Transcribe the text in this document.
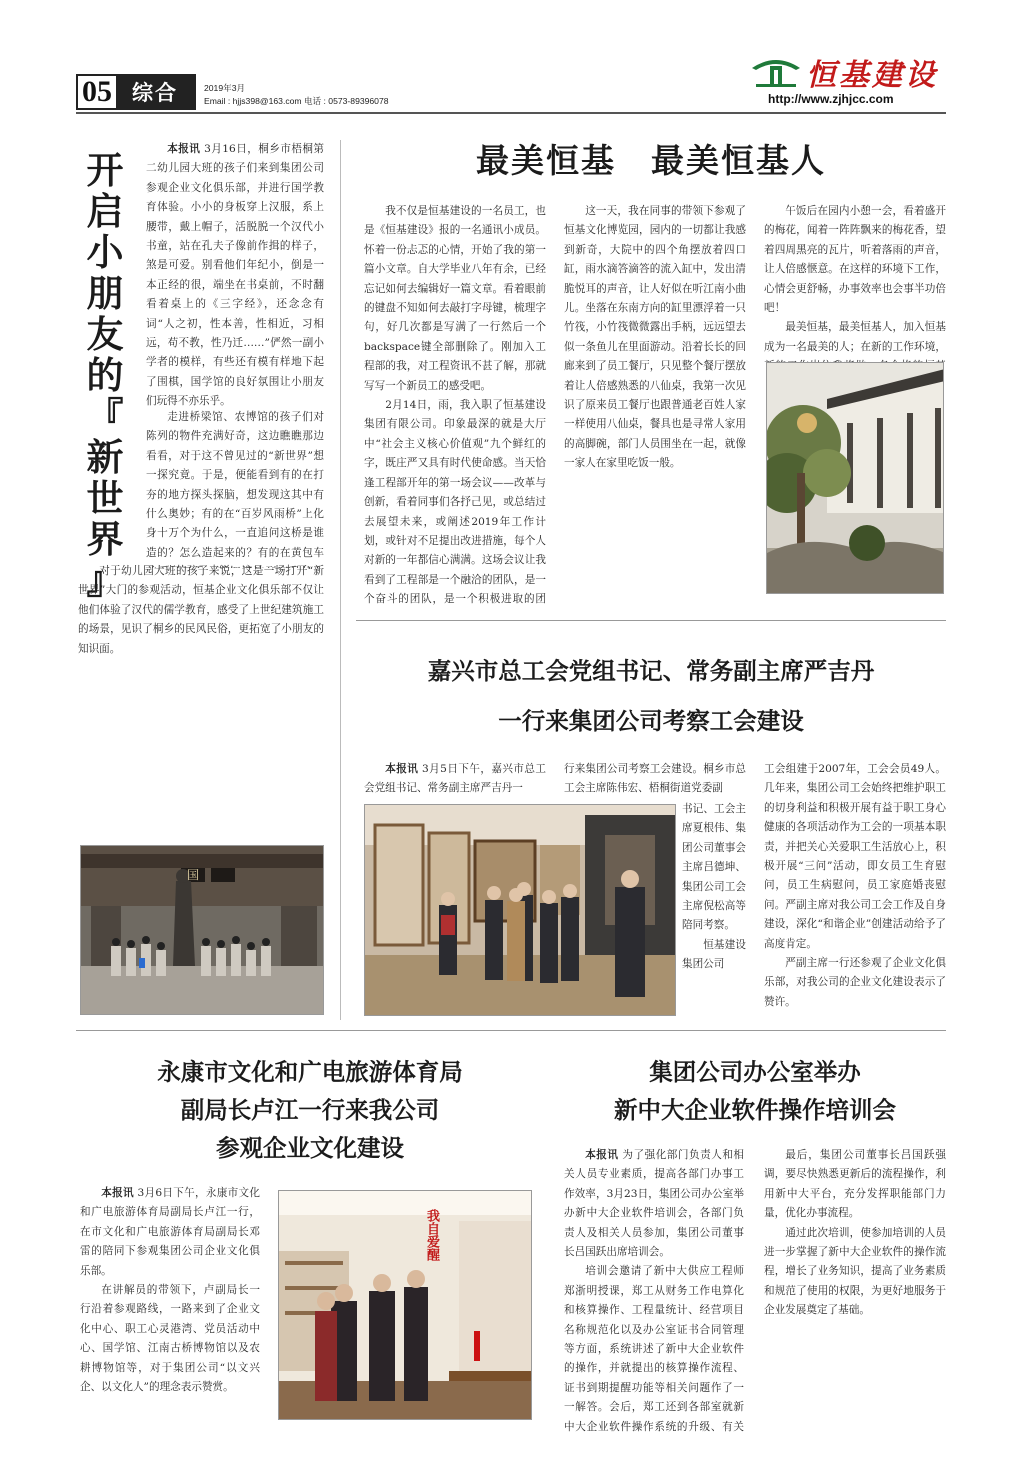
05 综合	2019年3月
Email : hjjs398@163.com 电话 : 0573-89396078
恒基建设
http://www.zjhjcc.com
开
启
小
朋
友
的
『
新
世
界
』

本报讯 3月16日，桐乡市梧桐第二幼儿园大班的孩子们来到集团公司参观企业文化俱乐部，并进行国学教育体验。小小的身板穿上汉服，系上腰带，戴上帽子，活脱脱一个汉代小书童，站在孔夫子像前作揖的样子，煞是可爱。别看他们年纪小，倒是一本正经的很，端坐在书桌前，不时翻看着桌上的《三字经》，还念念有词“人之初，性本善，性相近，习相远，苟不教，性乃迁……”俨然一副小学者的模样，有些还有模有样地下起了围棋，国学馆的良好氛围让小朋友们玩得不亦乐乎。

对于幼儿园大班的孩子来说，这是一场打开“新世界”大门的参观活动，恒基企业文化俱乐部不仅让他们体验了汉代的儒学教育，感受了上世纪建筑施工的场景，见识了桐乡的民风民俗，更拓宽了小朋友的知识面。

走进桥梁馆、农博馆的孩子们对陈列的物件充满好奇，这边瞧瞧那边看看，对于这不曾见过的“新世界”想一探究竟。于是，便能看到有的在打夯的地方探头探脑，想发现这其中有什么奥妙；有的在“百岁风雨桥”上化身十万个为什么，一直追问这桥是谁造的？怎么造起来的？有的在黄包车

国
最美恒基　最美恒基人

我不仅是恒基建设的一名员工，也是《恒基建设》报的一名通讯小成员。怀着一份忐忑的心情，开始了我的第一篇小文章。自大学毕业八年有余，已经忘记如何去编辑好一篇文章。看着眼前的键盘不知如何去敲打字母键，梳理字句，好几次都是写满了一行然后一个backspace键全部删除了。刚加入工程部的我，对工程资讯不甚了解，那就写写一个新员工的感受吧。

2月14日，雨，我入职了恒基建设集团有限公司。印象最深的就是大厅中“社会主义核心价值观”九个鲜红的字，既庄严又具有时代使命感。当天恰逢工程部开年的第一场会议——改革与创新，看着同事们各抒己见，或总结过去展望未来，或阐述2019年工作计划，或针对不足提出改进措施，每个人对新的一年都信心满满。这场会议让我看到了工程部是一个融洽的团队，是一个奋斗的团队，是一个积极进取的团

这一天，我在同事的带领下参观了恒基文化博览园，园内的一切都让我感到新奇，大院中的四个角摆放着四口缸，雨水滴答滴答的流入缸中，发出清脆悦耳的声音，让人好似在听江南小曲儿。坐落在东南方向的缸里漂浮着一只竹筏，小竹筏微微露出手柄，远远望去似一条鱼儿在里面游动。沿着长长的回廊来到了员工餐厅，只见整个餐厅摆放着让人倍感熟悉的八仙桌，我第一次见识了原来员工餐厅也跟普通老百姓人家一样使用八仙桌，餐具也是寻常人家用的高脚碗，部门人员围坐在一起，就像一家人在家里吃饭一般。

午饭后在园内小憩一会，看着盛开的梅花，闻着一阵阵飘来的梅花香，望着四周黑亮的瓦片，听着落雨的声音，让人倍感惬意。在这样的环境下工作，心情会更舒畅，办事效率也会事半功倍吧！

最美恒基，最美恒基人，加入恒基成为一名最美的人；在新的工作环境，

嘉兴市总工会党组书记、常务副主席严吉丹
一行来集团公司考察工会建设

本报讯 3月5日下午，嘉兴市总工会党组书记、常务副主席严吉丹一

行来集团公司考察工会建设。桐乡市总工会主席陈伟宏、梧桐街道党委副

书记、工会主席夏根伟、集团公司董事会主席吕德坤、集团公司工会主席倪松高等陪同考察。

恒基建设集团公司

工会组建于2007年，工会会员49人。几年来，集团公司工会始终把维护职工的切身利益和积极开展有益于职工身心健康的各项活动作为工会的一项基本职责，并把关心关爱职工生活放心上，积极开展“三问”活动，即女员工生育慰问，员工生病慰问，员工家庭婚丧慰问。严副主席对我公司工会工作及自身建设，深化“和谐企业”创建活动给予了高度肯定。

严副主席一行还参观了企业文化俱乐部，对我公司的企业文化建设表示了赞许。

永康市文化和广电旅游体育局
副局长卢江一行来我公司
参观企业文化建设

本报讯 3月6日下午，永康市文化和广电旅游体育局副局长卢江一行，在市文化和广电旅游体育局副局长邓雷的陪同下参观集团公司企业文化俱乐部。

在讲解员的带领下，卢副局长一行沿着参观路线，一路来到了企业文化中心、职工心灵港湾、党员活动中心、国学馆、江南古桥博物馆以及农耕博物馆等，对于集团公司“以文兴企、以文化人”的理念表示赞赏。

我自爱醒
集团公司办公室举办
新中大企业软件操作培训会

本报讯 为了强化部门负责人和相关人员专业素质，提高各部门办事工作效率，3月23日，集团公司办公室举办新中大企业软件培训会，各部门负责人及相关人员参加，集团公司董事长吕国跃出席培训会。

培训会邀请了新中大供应工程师郑浙明授课，郑工从财务工作电算化和核算操作、工程量统计、经营项目名称规范化以及办公室证书合同管理等方面，系统讲述了新中大企业软件的操作，并就提出的核算操作流程、证书到期提醒功能等相关问题作了一一解答。会后，郑工还到各部室就新中大企业软件操作系统的升级、有关

最后，集团公司董事长吕国跃强调，要尽快熟悉更新后的流程操作，利用新中大平台，充分发挥职能部门力量，优化办事流程。

通过此次培训，使参加培训的人员进一步掌握了新中大企业软件的操作流程，增长了业务知识，提高了业务素质和规范了使用的权限，为更好地服务于企业发展奠定了基础。
